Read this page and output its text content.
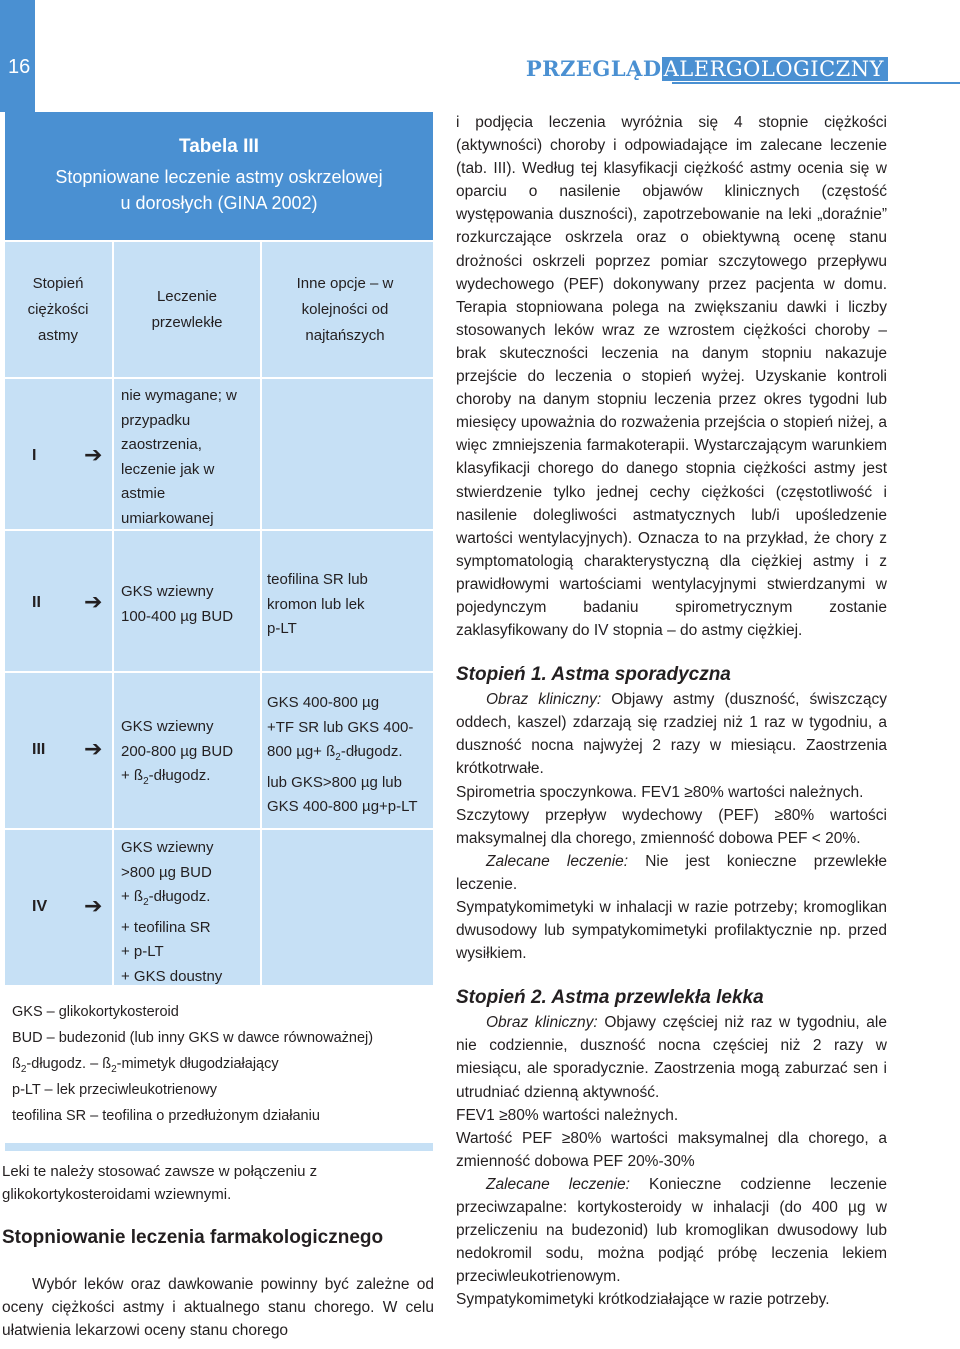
16	PRZEGLĄDALERGOLOGICZNY
Tabela III
Stopniowane leczenie astmy oskrzelowej
u dorosłych (GINA 2002)
Stopień ciężkości astmy
Leczenie przewlekłe
Inne opcje – w kolejności od najtańszych
I ➔
nie wymagane; w przypadku zaostrzenia, leczenie jak w astmie umiarkowanej
II ➔ GKS wziewny 100-400 µg BUD
teofilina SR lub kromon lub lek p-LT
III ➔
GKS wziewny
200-800 µg BUD
+ $ß_2$-długodz.
GKS 400-800 µg
+TF SR lub GKS 400-
800 $\mu g+ ß_2$-długodz.
lub GKS>800 µg lub
GKS 400-800 µg+p-LT
IV ➔
GKS wziewny
>800 µg BUD
+ $ß_2$-długodz.
+ teofilina SR
+ p-LT
+ GKS doustny
GKS – glikokortykosteroid
BUD – budezonid (lub inny GKS w dawce równoważnej)
$ß_2$-długodz. – $ß_2$-mimetyk długodziałający
p-LT – lek przeciwleukotrienowy
teofilina SR – teofilina o przedłużonym działaniu
Leki te należy stosować zawsze w połączeniu z glikokortykosteroidami wziewnymi.
Stopniowanie leczenia farmakologicznego
Wybór leków oraz dawkowanie powinny być zależne od oceny ciężkości astmy i aktualnego stanu chorego. W celu ułatwienia lekarzowi oceny stanu chorego

i podjęcia leczenia wyróżnia się 4 stopnie ciężkości (aktywności) choroby i odpowiadające im zalecane leczenie (tab. III). Według tej klasyfikacji ciężkość astmy ocenia się w oparciu o nasilenie objawów klinicznych (częstość występowania duszności), zapotrzebowanie na leki „doraźnie” rozkurczające oskrzela oraz o obiektywną ocenę stanu drożności oskrzeli poprzez pomiar szczytowego przepływu wydechowego (PEF) dokonywany przez pacjenta w domu. Terapia stopniowana polega na zwiększaniu dawki i liczby stosowanych leków wraz ze wzrostem ciężkości choroby – brak skuteczności leczenia na danym stopniu nakazuje przejście do leczenia o stopień wyżej. Uzyskanie kontroli choroby na danym stopniu leczenia przez okres tygodni lub miesięcy upoważnia do rozważenia przejścia o stopień niżej, a więc zmniejszenia farmakoterapii. Wystarczającym warunkiem klasyfikacji chorego do danego stopnia ciężkości astmy jest stwierdzenie tylko jednej cechy ciężkości (częstotliwość i nasilenie dolegliwości astmatycznych lub/i upośledzenie wartości wentylacyjnych). Oznacza to na przykład, że chory z symptomatologią charakterystyczną dla ciężkiej astmy i z prawidłowymi wartościami wentylacyjnymi stwierdzanymi w pojedynczym badaniu spirometrycznym zostanie zaklasyfikowany do IV stopnia – do astmy ciężkiej.

Stopień 1. Astma sporadyczna

Obraz kliniczny: Objawy astmy (duszność, świszczący oddech, kaszel) zdarzają się rzadziej niż 1 raz w tygodniu, a duszność nocna najwyżej 2 razy w miesiącu. Zaostrzenia krótkotrwałe.

Spirometria spoczynkowa. FEV1 ≥80% wartości należnych.

Szczytowy przepływ wydechowy (PEF) ≥80% wartości maksymalnej dla chorego, zmienność dobowa PEF < 20%.

Zalecane leczenie: Nie jest konieczne przewlekłe leczenie.

Sympatykomimetyki w inhalacji w razie potrzeby; kromoglikan dwusodowy lub sympatykomimetyki profilaktycznie np. przed wysiłkiem.

Stopień 2. Astma przewlekła lekka

Obraz kliniczny: Objawy częściej niż raz w tygodniu, ale nie codziennie, duszność nocna częściej niż 2 razy w miesiącu, ale sporadycznie. Zaostrzenia mogą zaburzać sen i utrudniać dzienną aktywność.

FEV1 ≥80% wartości należnych.

Wartość PEF ≥80% wartości maksymalnej dla chorego, a zmienność dobowa PEF 20%-30%

Zalecane leczenie: Konieczne codzienne leczenie przeciwzapalne: kortykosteroidy w inhalacji (do 400 µg w przeliczeniu na budezonid) lub kromoglikan dwusodowy lub nedokromil sodu, można podjąć próbę leczenia lekiem przeciwleukotrienowym.

Sympatykomimetyki krótkodziałające w razie potrzeby.
